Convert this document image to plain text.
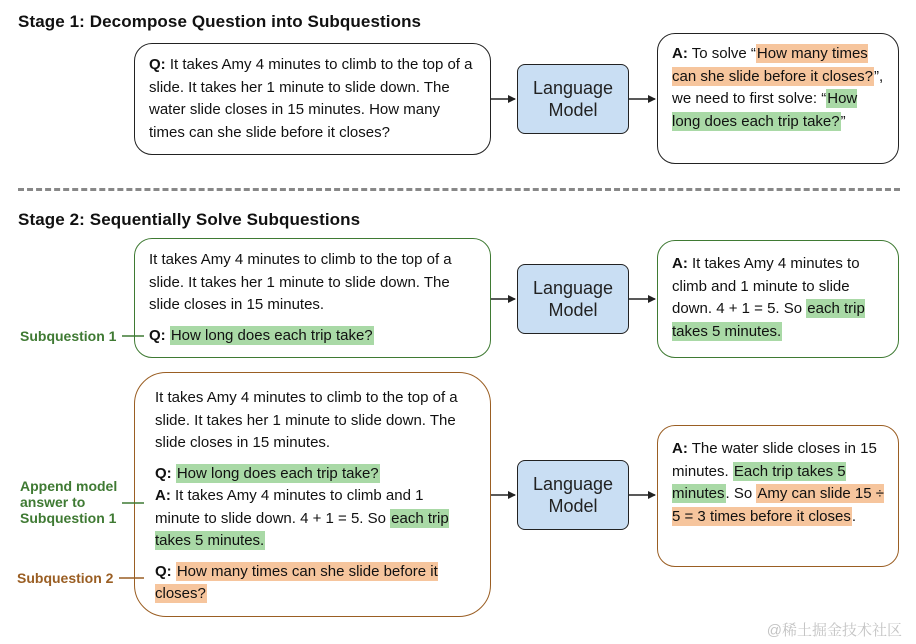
Stage 1: Decompose Question into Subquestions

Q: It takes Amy 4 minutes to climb to the top of a slide. It takes her 1 minute to slide down. The water slide closes in 15 minutes. How many times can she slide before it closes?

Language
Model

A: To solve “How many times can she slide before it closes?”, we need to first solve: “How long does each trip take?”

Stage 2: Sequentially Solve Subquestions

It takes Amy 4 minutes to climb to the top of a slide. It takes her 1 minute to slide down. The slide closes in 15 minutes.

Q: How long does each trip take?

Subquestion 1
Language
Model

A: It takes Amy 4 minutes to climb and 1 minute to slide down. 4 + 1 = 5. So each trip takes 5 minutes.

It takes Amy 4 minutes to climb to the top of a slide. It takes her 1 minute to slide down. The slide closes in 15 minutes.

Q: How long does each trip take?

A: It takes Amy 4 minutes to climb and 1 minute to slide down. 4 + 1 = 5. So each trip takes 5 minutes.

Q: How many times can she slide before it closes?

Append model
answer to
Subquestion 1
Subquestion 2
Language
Model

A: The water slide closes in 15 minutes. Each trip takes 5 minutes. So Amy can slide 15 ÷ 5 = 3 times before it closes.

@稀土掘金技术社区
